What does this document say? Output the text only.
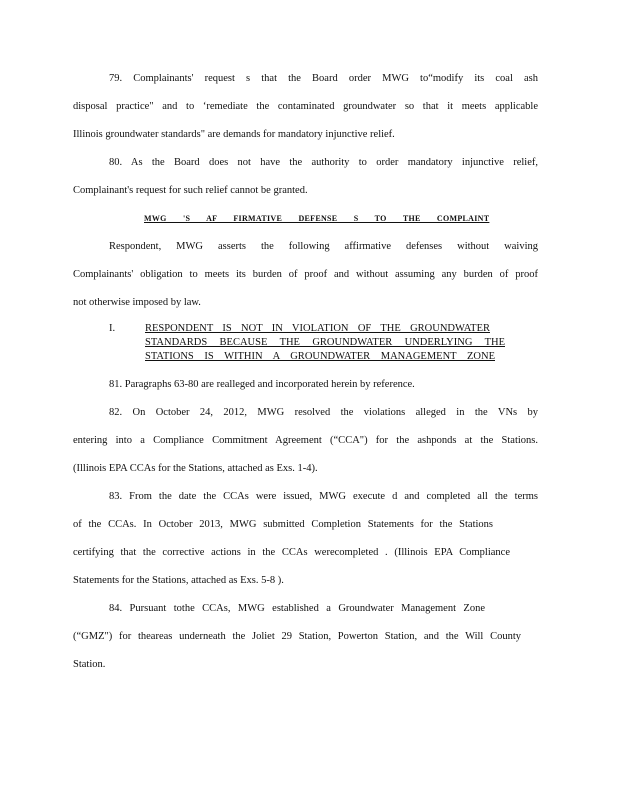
79. Complainants' request s that the Board order MWG to“modify its coal ash
disposal practice" and to ‘remediate the contaminated groundwater so that it meets applicable
Illinois groundwater standards" are demands for mandatory injunctive relief.
80. As the Board does not have the authority to order mandatory injunctive relief,
Complainant's request for such relief cannot be granted.
MWG 'S AF FIRMATIVE DEFENSE S TO THE COMPLAINT
Respondent, MWG asserts the following affirmative defenses without waiving
Complainants' obligation to meets its burden of proof and without assuming any burden of proof
not otherwise imposed by law.
I.	RESPONDENT IS NOT IN VIOLATION OF THE GROUNDWATER
STANDARDS BECAUSE THE GROUNDWATER UNDERLYING THE
STATIONS IS WITHIN A GROUNDWATER MANAGEMENT ZONE
81. Paragraphs 63-80 are realleged and incorporated herein by reference.
82. On October 24, 2012, MWG resolved the violations alleged in the VNs by
entering into a Compliance Commitment Agreement (“CCA") for the ashponds at the Stations.
(Illinois EPA CCAs for the Stations, attached as Exs. 1-4).
83. From the date the CCAs were issued, MWG execute d and completed all the terms
of the CCAs. In October 2013, MWG submitted Completion Statements for the Stations
certifying that the corrective actions in the CCAs werecompleted . (Illinois EPA Compliance
Statements for the Stations, attached as Exs. 5-8 ).
84. Pursuant tothe CCAs, MWG established a Groundwater Management Zone
(“GMZ") for theareas underneath the Joliet 29 Station, Powerton Station, and the Will County
Station.
